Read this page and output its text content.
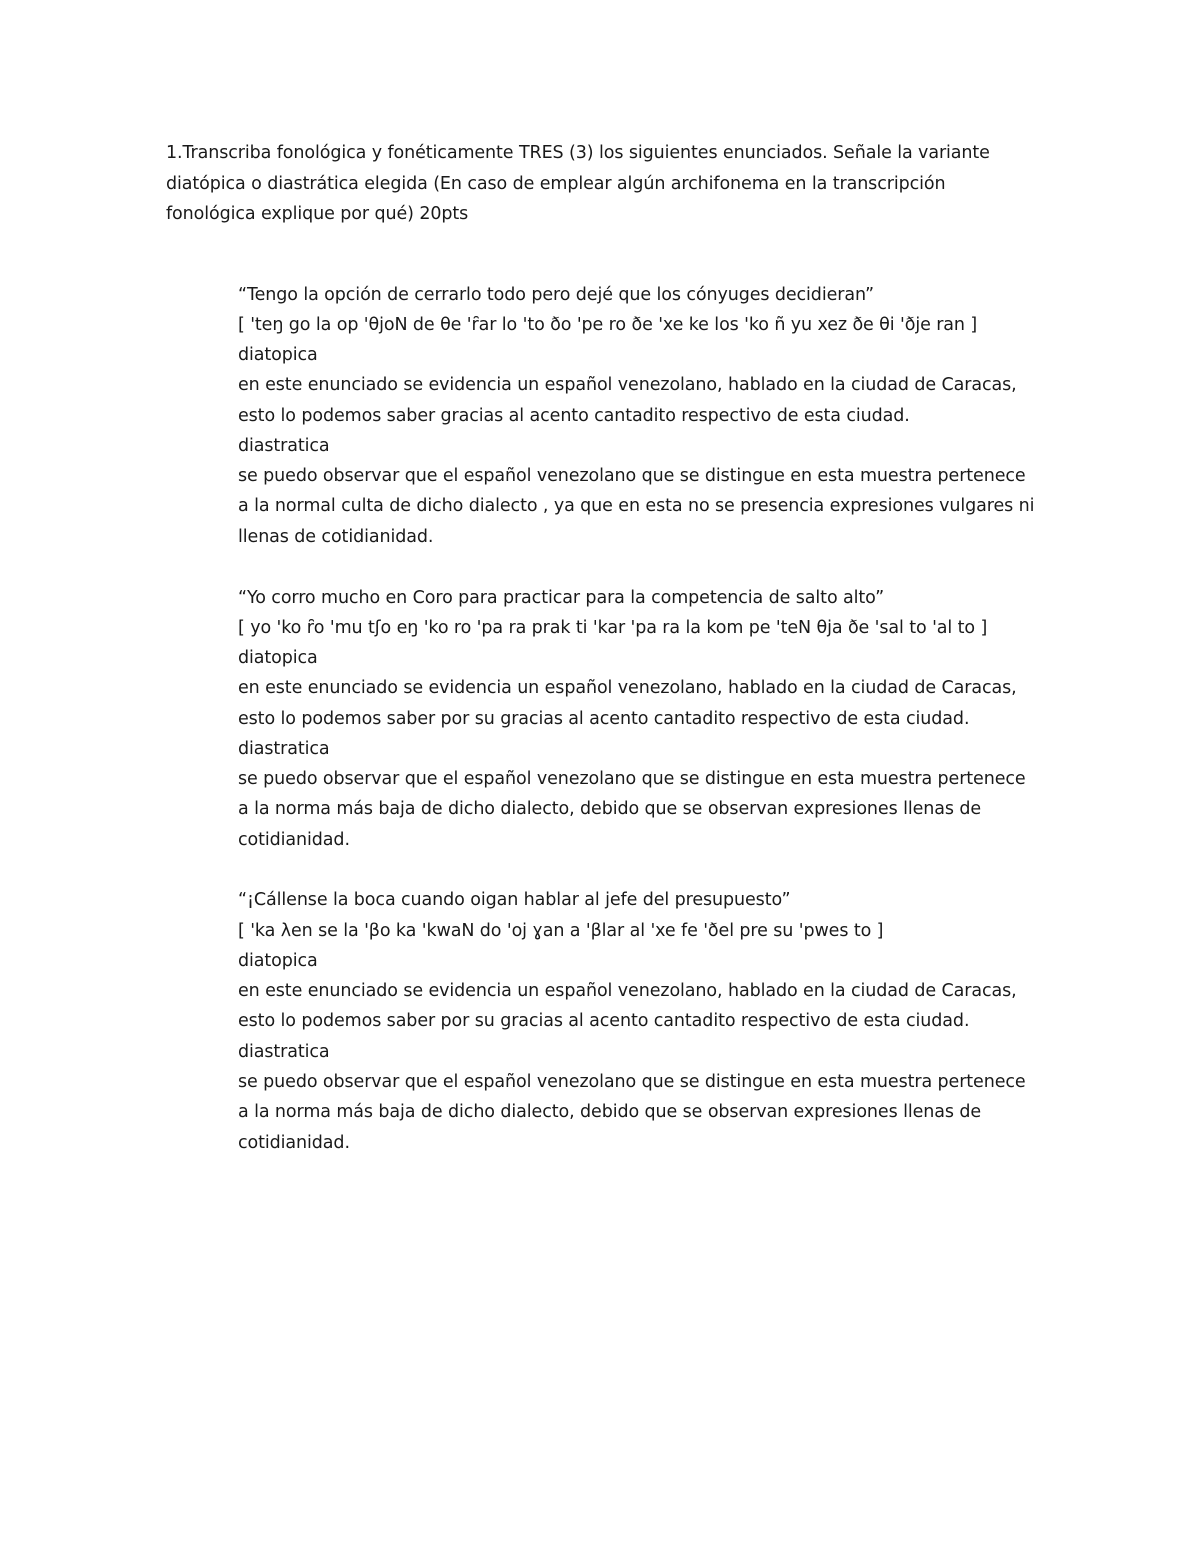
1.Transcriba fonológica y fonéticamente TRES (3) los siguientes enunciados. Señale la variante
diatópica o diastrática elegida (En caso de emplear algún archifonema en la transcripción
fonológica explique por qué) 20pts
“Tengo la opción de cerrarlo todo pero dejé que los cónyuges decidieran”
[ 'teŋ go la op 'θjoN de θe 'ȓar lo 'to ðo 'pe ro ðe 'xe ke los 'ko ñ yu xez ðe θi 'ðje ran ]
diatopica
en este enunciado se evidencia un español venezolano, hablado en la ciudad de Caracas,
esto lo podemos saber gracias al acento cantadito respectivo de esta ciudad.
diastratica
se puedo observar que el español venezolano que se distingue en esta muestra pertenece
a la normal culta de dicho dialecto , ya que en esta no se presencia expresiones vulgares ni
llenas de cotidianidad.
“Yo corro mucho en Coro para practicar para la competencia de salto alto”
[ yo 'ko ȓo 'mu tʃo eŋ 'ko ro 'pa ra prak ti 'kar 'pa ra la kom pe 'teN θja ðe 'sal to 'al to ]
diatopica
en este enunciado se evidencia un español venezolano, hablado en la ciudad de Caracas,
esto lo podemos saber por su gracias al acento cantadito respectivo de esta ciudad.
diastratica
se puedo observar que el español venezolano que se distingue en esta muestra pertenece
a la norma más baja de dicho dialecto, debido que se observan expresiones llenas de
cotidianidad.
“¡Cállense la boca cuando oigan hablar al jefe del presupuesto”
[ 'ka λen se la 'βo ka 'kwaN do 'oj ɣan a 'βlar al 'xe fe 'ðel pre su 'pwes to ]
diatopica
en este enunciado se evidencia un español venezolano, hablado en la ciudad de Caracas,
esto lo podemos saber por su gracias al acento cantadito respectivo de esta ciudad.
diastratica
se puedo observar que el español venezolano que se distingue en esta muestra pertenece
a la norma más baja de dicho dialecto, debido que se observan expresiones llenas de
cotidianidad.
